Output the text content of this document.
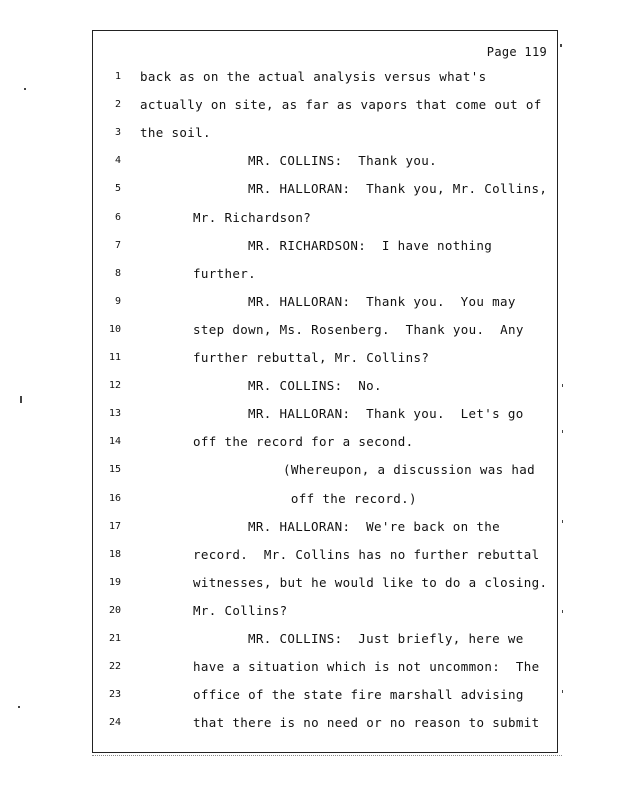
Page 119
1 back as on the actual analysis versus what's
2 actually on site, as far as vapors that come out of
3 the soil.
4	MR. COLLINS:  Thank you.
5	MR. HALLORAN:  Thank you, Mr. Collins,
6	Mr. Richardson?
7	MR. RICHARDSON:  I have nothing
8	further.
9	MR. HALLORAN:  Thank you.  You may
10	step down, Ms. Rosenberg.  Thank you.  Any
11	further rebuttal, Mr. Collins?
12	MR. COLLINS:  No.
13	MR. HALLORAN:  Thank you.  Let's go
14	off the record for a second.
15	(Whereupon, a discussion was had
16	off the record.)
17	MR. HALLORAN:  We're back on the
18	record.  Mr. Collins has no further rebuttal
19	witnesses, but he would like to do a closing.
20	Mr. Collins?
21	MR. COLLINS:  Just briefly, here we
22	have a situation which is not uncommon:  The
23	office of the state fire marshall advising
24	that there is no need or no reason to submit
